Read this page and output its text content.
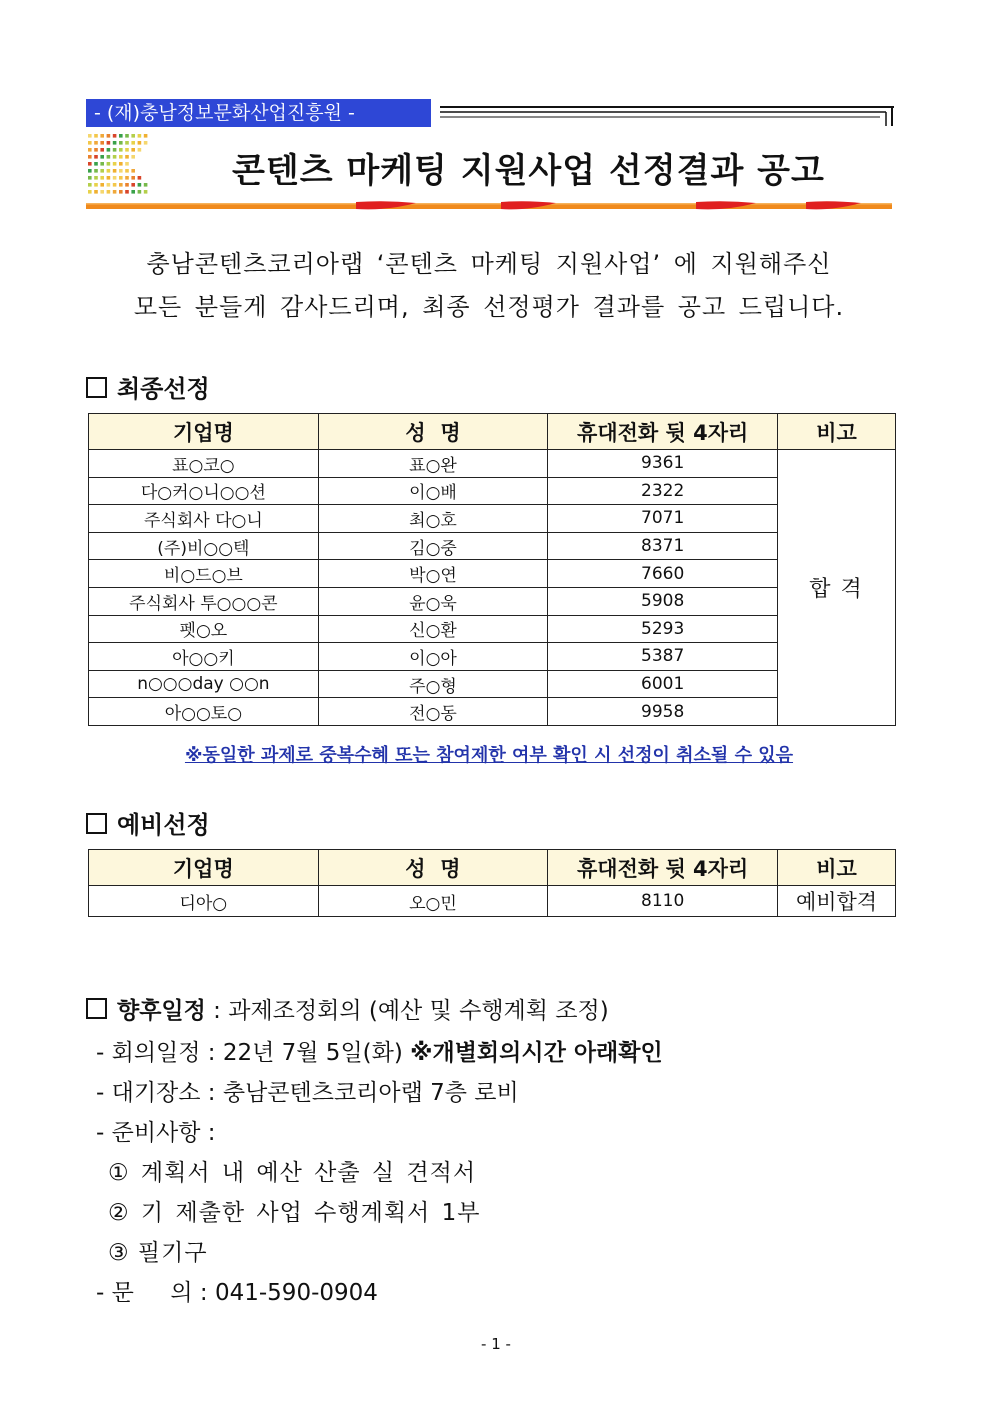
- (재)충남정보문화산업진흥원 -
콘텐츠 마케팅 지원사업 선정결과 공고
충남콘텐츠코리아랩 ‘콘텐츠 마케팅 지원사업’ 에 지원해주신
모든 분들게 감사드리며, 최종 선정평가 결과를 공고 드립니다.
최종선정
기업명	성  명	휴대전화 뒷 4자리	비고
표○코○	표○완	9361	합격
다○커○니○○션	이○배	2322	
주식회사 다○니	최○호	7071	
(주)비○○텍	김○중	8371	
비○드○브	박○연	7660	
주식회사 투○○○콘	윤○욱	5908	
펫○오	신○환	5293	
아○○키	이○아	5387	
n○○○day ○○n	주○형	6001	
아○○토○	전○동	9958	
※동일한 과제로 중복수혜 또는 참여제한 여부 확인 시 선정이 취소될 수 있음
예비선정
기업명	성  명	휴대전화 뒷 4자리	비고
디아○	오○민	8110	예비합격
향후일정 : 과제조정회의 (예산 및 수행계획 조정)
- 회의일정 : 22년 7월 5일(화) ※개별회의시간 아래확인
- 대기장소 : 충남콘텐츠코리아랩 7층 로비
- 준비사항 :
① 계획서 내 예산 산출 실 견적서
② 기 제출한 사업 수행계획서 1부
③ 필기구
- 문     의 : 041-590-0904
- 1 -
